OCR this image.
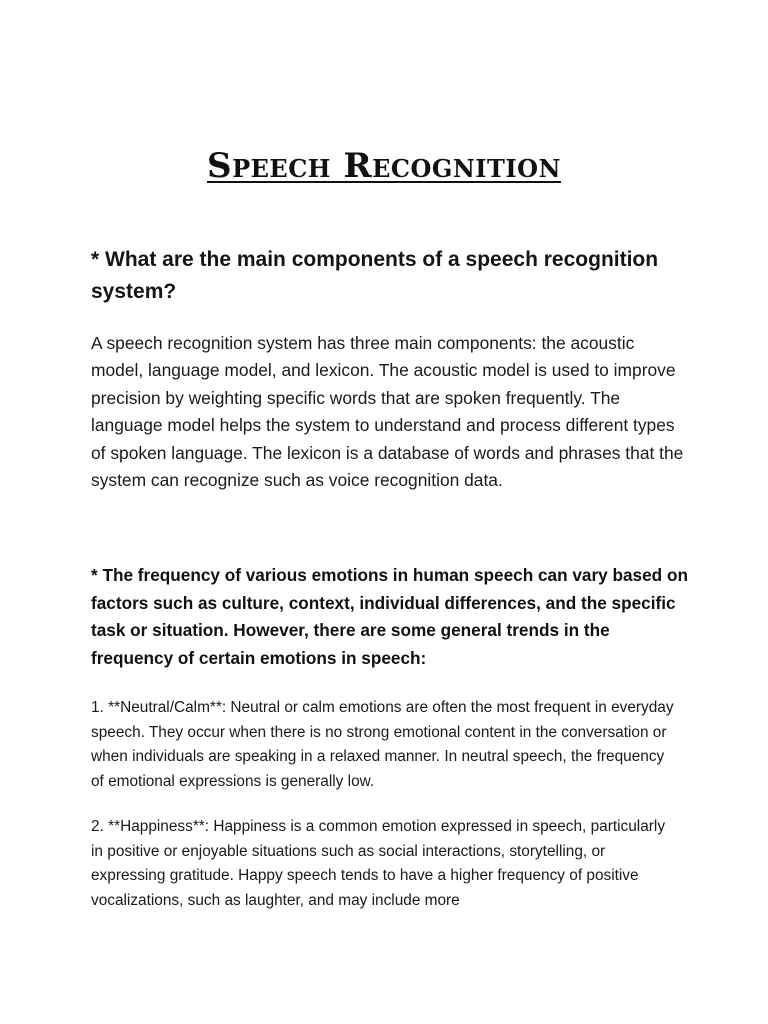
Speech Recognition

* What are the main components of a speech recognition system?

A speech recognition system has three main components: the acoustic model, language model, and lexicon. The acoustic model is used to improve precision by weighting specific words that are spoken frequently. The language model helps the system to understand and process different types of spoken language. The lexicon is a database of words and phrases that the system can recognize such as voice recognition data.

* The frequency of various emotions in human speech can vary based on factors such as culture, context, individual differences, and the specific task or situation. However, there are some general trends in the frequency of certain emotions in speech:

1. **Neutral/Calm**: Neutral or calm emotions are often the most frequent in everyday speech. They occur when there is no strong emotional content in the conversation or when individuals are speaking in a relaxed manner. In neutral speech, the frequency of emotional expressions is generally low.

2. **Happiness**: Happiness is a common emotion expressed in speech, particularly in positive or enjoyable situations such as social interactions, storytelling, or expressing gratitude. Happy speech tends to have a higher frequency of positive vocalizations, such as laughter, and may include more
